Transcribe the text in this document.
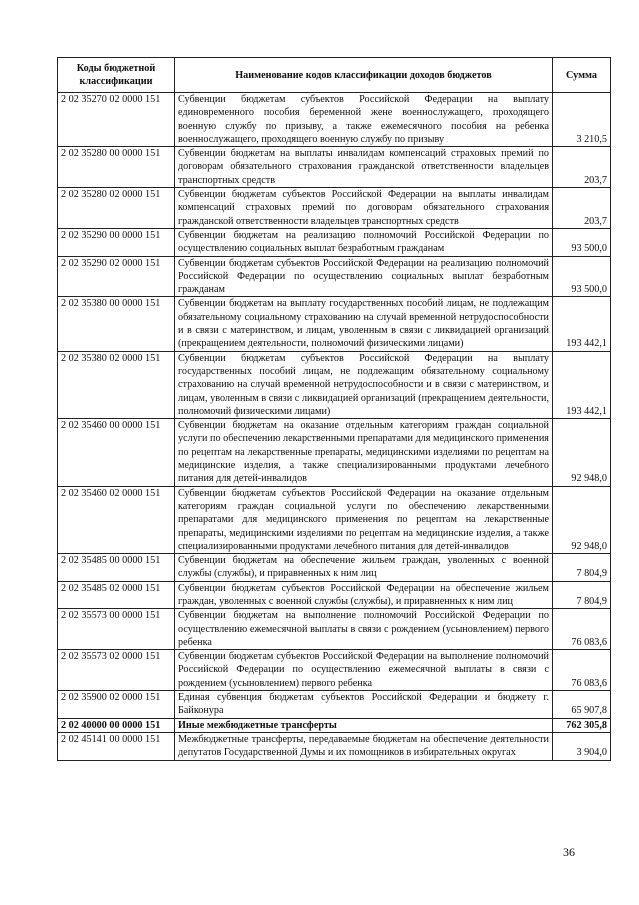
Коды бюджетной классификации	Наименование кодов классификации доходов бюджетов	Сумма
2 02 35270 02 0000 151	Субвенции бюджетам субъектов Российской Федерации на выплату единовременного пособия беременной жене военнослужащего, проходящего военную службу по призыву, а также ежемесячного пособия на ребенка военнослужащего, проходящего военную службу по призыву	3 210,5
2 02 35280 00 0000 151	Субвенции бюджетам на выплаты инвалидам компенсаций страховых премий по договорам обязательного страхования гражданской ответственности владельцев транспортных средств	203,7
2 02 35280 02 0000 151	Субвенции бюджетам субъектов Российской Федерации на выплаты инвалидам компенсаций страховых премий по договорам обязательного страхования гражданской ответственности владельцев транспортных средств	203,7
2 02 35290 00 0000 151	Субвенции бюджетам на реализацию полномочий Российской Федерации по осуществлению социальных выплат безработным гражданам	93 500,0
2 02 35290 02 0000 151	Субвенции бюджетам субъектов Российской Федерации на реализацию полномочий Российской Федерации по осуществлению социальных выплат безработным гражданам	93 500,0
2 02 35380 00 0000 151	Субвенции бюджетам на выплату государственных пособий лицам, не подлежащим обязательному социальному страхованию на случай временной нетрудоспособности и в связи с материнством, и лицам, уволенным в связи с ликвидацией организаций (прекращением деятельности, полномочий физическими лицами)	193 442,1
2 02 35380 02 0000 151	Субвенции бюджетам субъектов Российской Федерации на выплату государственных пособий лицам, не подлежащим обязательному социальному страхованию на случай временной нетрудоспособности и в связи с материнством, и лицам, уволенным в связи с ликвидацией организаций (прекращением деятельности, полномочий физическими лицами)	193 442,1
2 02 35460 00 0000 151	Субвенции бюджетам на оказание отдельным категориям граждан социальной услуги по обеспечению лекарственными препаратами для медицинского применения по рецептам на лекарственные препараты, медицинскими изделиями по рецептам на медицинские изделия, а также специализированными продуктами лечебного питания для детей-инвалидов	92 948,0
2 02 35460 02 0000 151	Субвенции бюджетам субъектов Российской Федерации на оказание отдельным категориям граждан социальной услуги по обеспечению лекарственными препаратами для медицинского применения по рецептам на лекарственные препараты, медицинскими изделиями по рецептам на медицинские изделия, а также специализированными продуктами лечебного питания для детей-инвалидов	92 948,0
2 02 35485 00 0000 151	Субвенции бюджетам на обеспечение жильем граждан, уволенных с военной службы (службы), и приравненных к ним лиц	7 804,9
2 02 35485 02 0000 151	Субвенции бюджетам субъектов Российской Федерации на обеспечение жильем граждан, уволенных с военной службы (службы), и приравненных к ним лиц	7 804,9
2 02 35573 00 0000 151	Субвенции бюджетам на выполнение полномочий Российской Федерации по осуществлению ежемесячной выплаты в связи с рождением (усыновлением) первого ребенка	76 083,6
2 02 35573 02 0000 151	Субвенции бюджетам субъектов Российской Федерации на выполнение полномочий Российской Федерации по осуществлению ежемесячной выплаты в связи с рождением (усыновлением) первого ребенка	76 083,6
2 02 35900 02 0000 151	Единая субвенция бюджетам субъектов Российской Федерации и бюджету г. Байконура	65 907,8
2 02 40000 00 0000 151	Иные межбюджетные трансферты	762 305,8
2 02 45141 00 0000 151	Межбюджетные трансферты, передаваемые бюджетам на обеспечение деятельности депутатов Государственной Думы и их помощников в избирательных округах	3 904,0
36
